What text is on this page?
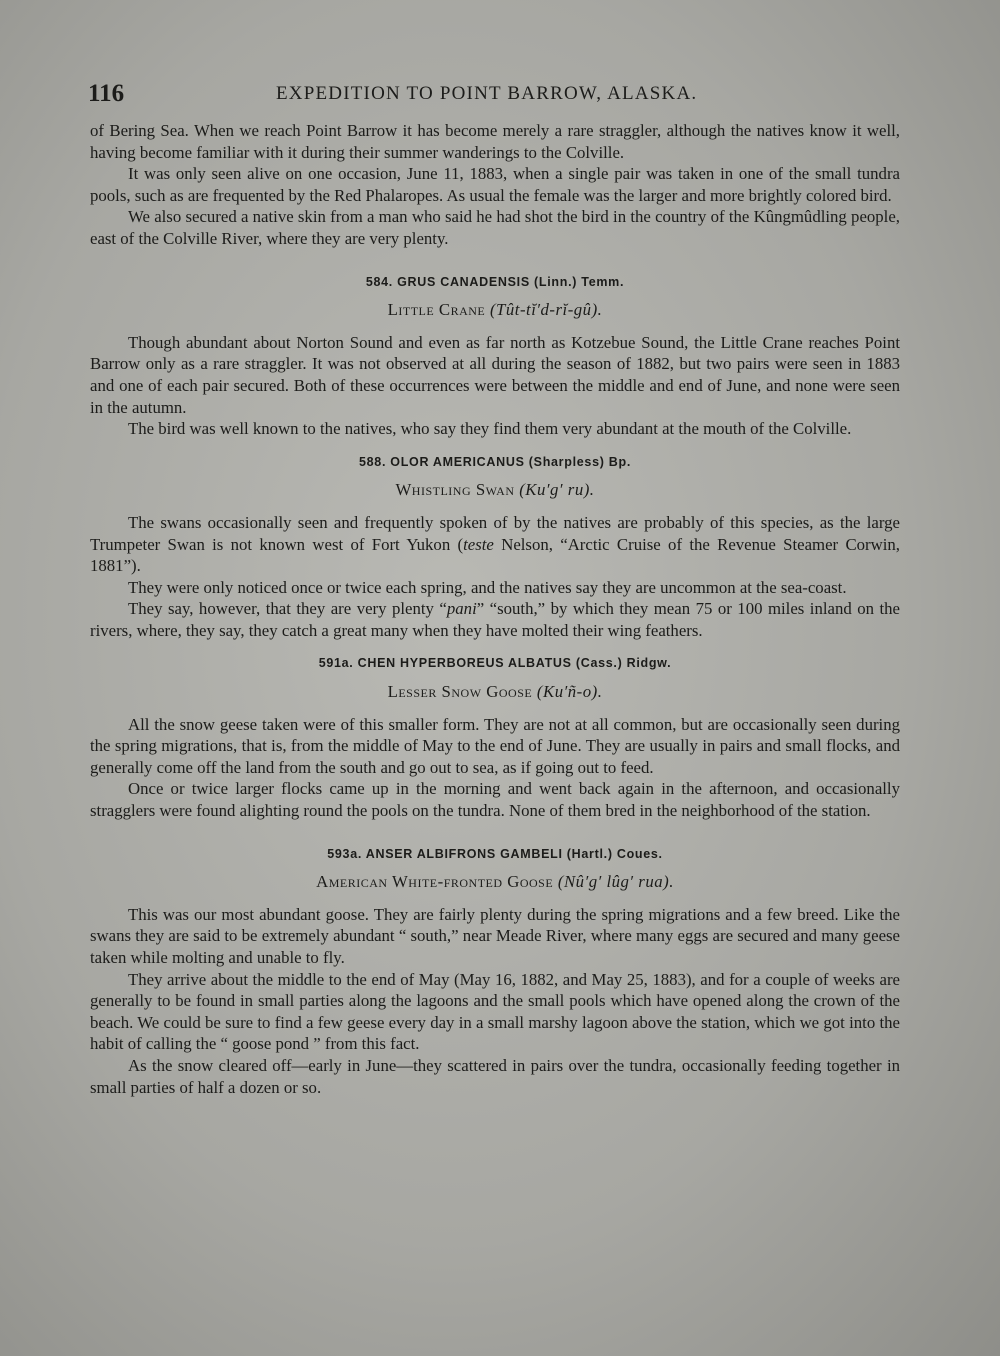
116	EXPEDITION TO POINT BARROW, ALASKA.

of Bering Sea. When we reach Point Barrow it has become merely a rare straggler, although the natives know it well, having become familiar with it during their summer wanderings to the Colville.

It was only seen alive on one occasion, June 11, 1883, when a single pair was taken in one of the small tundra pools, such as are frequented by the Red Phalaropes. As usual the female was the larger and more brightly colored bird.

We also secured a native skin from a man who said he had shot the bird in the country of the Kûngmûdling people, east of the Colville River, where they are very plenty.

584. GRUS CANADENSIS (Linn.) Temm.
Little Crane (Tût-tĭ′d-rĭ-gû).

Though abundant about Norton Sound and even as far north as Kotzebue Sound, the Little Crane reaches Point Barrow only as a rare straggler. It was not observed at all during the season of 1882, but two pairs were seen in 1883 and one of each pair secured. Both of these occurrences were between the middle and end of June, and none were seen in the autumn.

The bird was well known to the natives, who say they find them very abundant at the mouth of the Colville.

588. OLOR AMERICANUS (Sharpless) Bp.
Whistling Swan (Ku′g′ ru).

The swans occasionally seen and frequently spoken of by the natives are probably of this species, as the large Trumpeter Swan is not known west of Fort Yukon (teste Nelson, “Arctic Cruise of the Revenue Steamer Corwin, 1881”).

They were only noticed once or twice each spring, and the natives say they are uncommon at the sea-coast.

They say, however, that they are very plenty “pani” “south,” by which they mean 75 or 100 miles inland on the rivers, where, they say, they catch a great many when they have molted their wing feathers.

591a. CHEN HYPERBOREUS ALBATUS (Cass.) Ridgw.
Lesser Snow Goose (Ku′ñ-o).

All the snow geese taken were of this smaller form. They are not at all common, but are occasionally seen during the spring migrations, that is, from the middle of May to the end of June. They are usually in pairs and small flocks, and generally come off the land from the south and go out to sea, as if going out to feed.

Once or twice larger flocks came up in the morning and went back again in the afternoon, and occasionally stragglers were found alighting round the pools on the tundra. None of them bred in the neighborhood of the station.

593a. ANSER ALBIFRONS GAMBELI (Hartl.) Coues.
American White-fronted Goose (Nû′g′ lûg′ rua).

This was our most abundant goose. They are fairly plenty during the spring migrations and a few breed. Like the swans they are said to be extremely abundant “ south,” near Meade River, where many eggs are secured and many geese taken while molting and unable to fly.

They arrive about the middle to the end of May (May 16, 1882, and May 25, 1883), and for a couple of weeks are generally to be found in small parties along the lagoons and the small pools which have opened along the crown of the beach. We could be sure to find a few geese every day in a small marshy lagoon above the station, which we got into the habit of calling the “ goose pond ” from this fact.

As the snow cleared off—early in June—they scattered in pairs over the tundra, occasionally feeding together in small parties of half a dozen or so.
